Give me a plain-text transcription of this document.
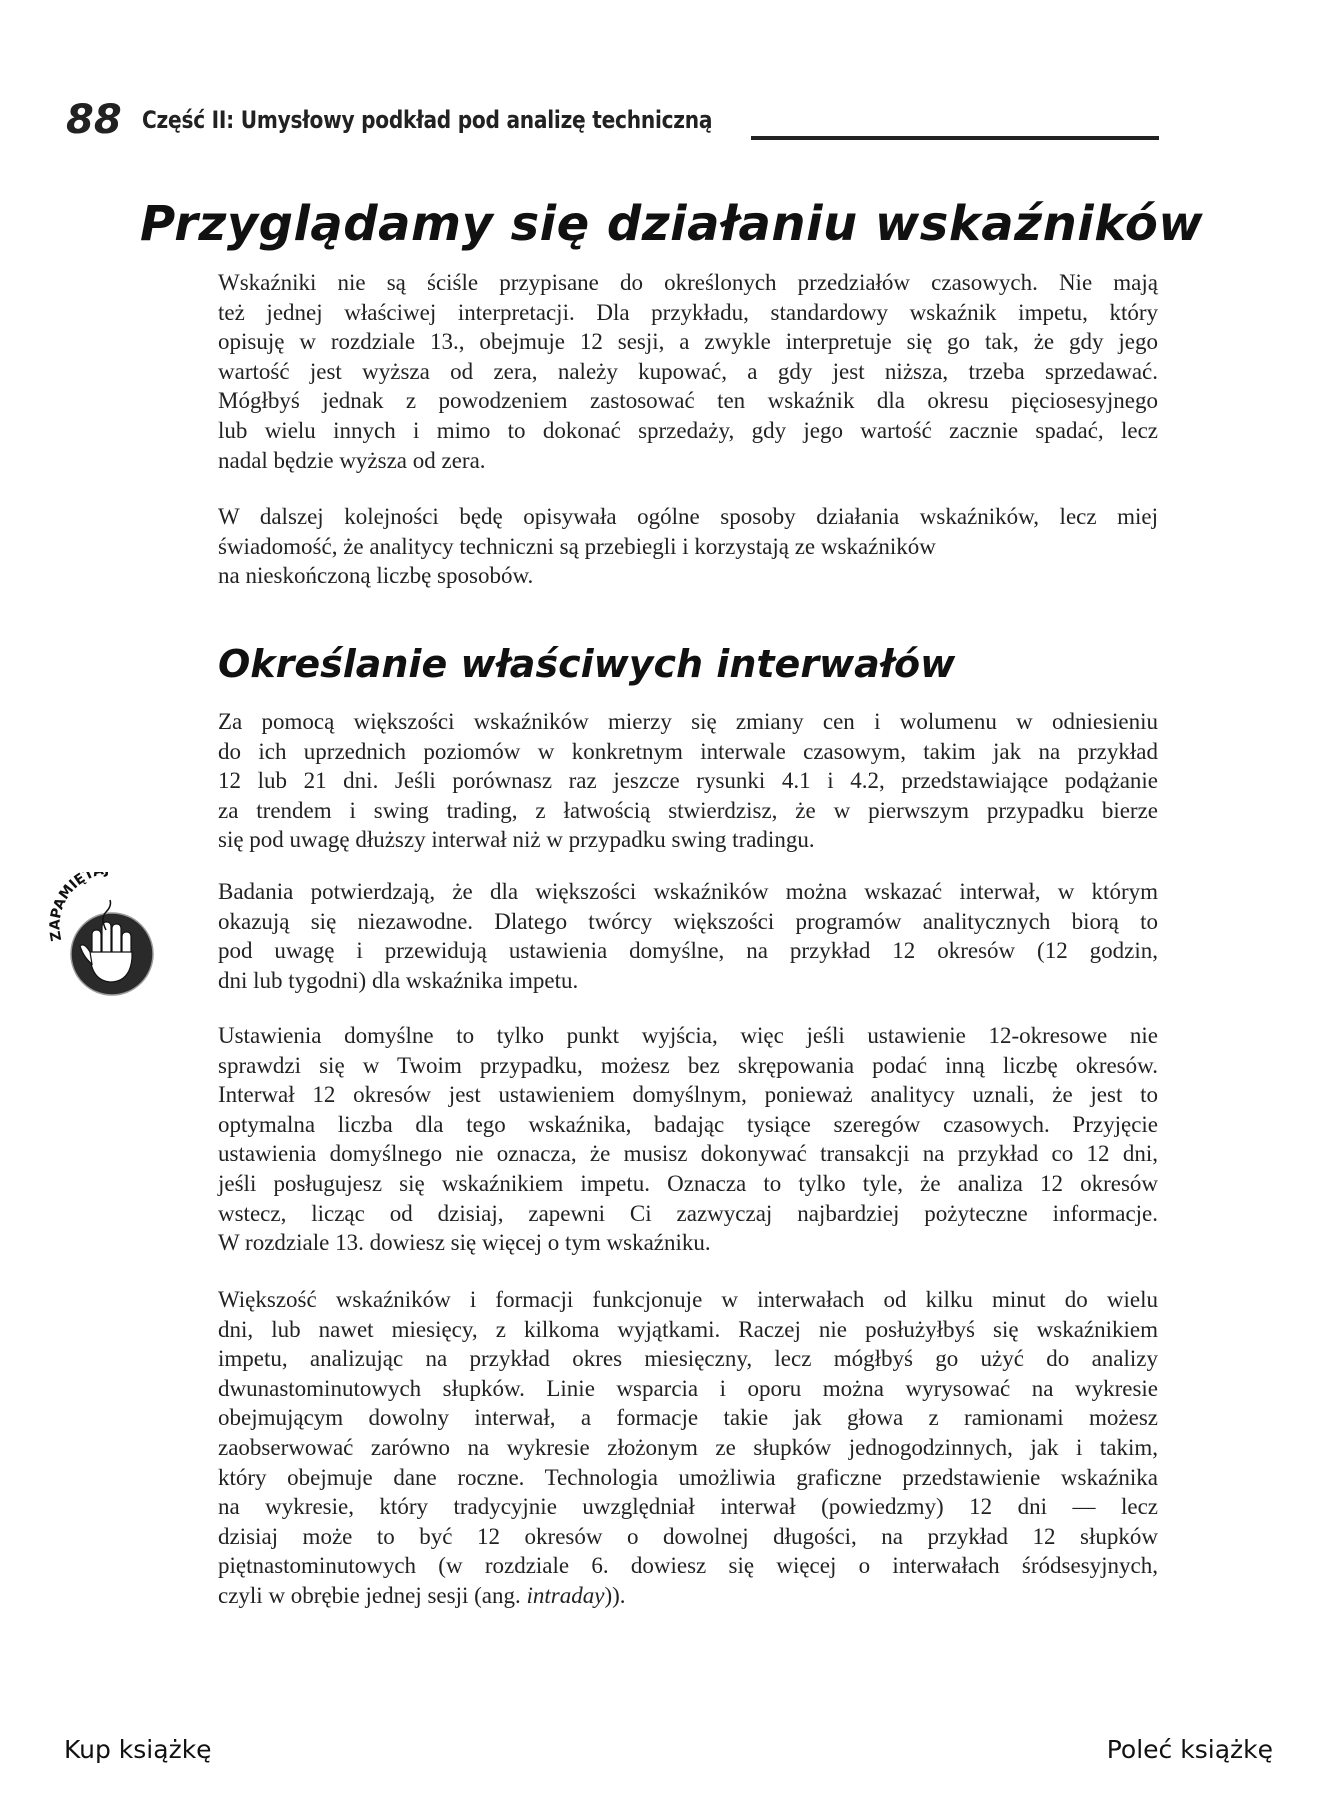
88 Część II: Umysłowy podkład pod analizę techniczną
Przyglądamy się działaniu wskaźników

Wskaźniki nie są ściśle przypisane do określonych przedziałów czasowych. Nie mają
też jednej właściwej interpretacji. Dla przykładu, standardowy wskaźnik impetu, który
opisuję w rozdziale 13., obejmuje 12 sesji, a zwykle interpretuje się go tak, że gdy jego
wartość jest wyższa od zera, należy kupować, a gdy jest niższa, trzeba sprzedawać.
Mógłbyś jednak z powodzeniem zastosować ten wskaźnik dla okresu pięciosesyjnego
lub wielu innych i mimo to dokonać sprzedaży, gdy jego wartość zacznie spadać, lecz
nadal będzie wyższa od zera.

W dalszej kolejności będę opisywała ogólne sposoby działania wskaźników, lecz miej
świadomość, że analitycy techniczni są przebiegli i korzystają ze wskaźników
na nieskończoną liczbę sposobów.

Określanie właściwych interwałów

Za pomocą większości wskaźników mierzy się zmiany cen i wolumenu w odniesieniu
do ich uprzednich poziomów w konkretnym interwale czasowym, takim jak na przykład
12 lub 21 dni. Jeśli porównasz raz jeszcze rysunki 4.1 i 4.2, przedstawiające podążanie
za trendem i swing trading, z łatwością stwierdzisz, że w pierwszym przypadku bierze
się pod uwagę dłuższy interwał niż w przypadku swing tradingu.

ZAPAMIĘT

Badania potwierdzają, że dla większości wskaźników można wskazać interwał, w którym
okazują się niezawodne. Dlatego twórcy większości programów analitycznych biorą to
pod uwagę i przewidują ustawienia domyślne, na przykład 12 okresów (12 godzin,
dni lub tygodni) dla wskaźnika impetu.

Ustawienia domyślne to tylko punkt wyjścia, więc jeśli ustawienie 12-okresowe nie
sprawdzi się w Twoim przypadku, możesz bez skrępowania podać inną liczbę okresów.
Interwał 12 okresów jest ustawieniem domyślnym, ponieważ analitycy uznali, że jest to
optymalna liczba dla tego wskaźnika, badając tysiące szeregów czasowych. Przyjęcie
ustawienia domyślnego nie oznacza, że musisz dokonywać transakcji na przykład co 12 dni,
jeśli posługujesz się wskaźnikiem impetu. Oznacza to tylko tyle, że analiza 12 okresów
wstecz, licząc od dzisiaj, zapewni Ci zazwyczaj najbardziej pożyteczne informacje.
W rozdziale 13. dowiesz się więcej o tym wskaźniku.

Większość wskaźników i formacji funkcjonuje w interwałach od kilku minut do wielu
dni, lub nawet miesięcy, z kilkoma wyjątkami. Raczej nie posłużyłbyś się wskaźnikiem
impetu, analizując na przykład okres miesięczny, lecz mógłbyś go użyć do analizy
dwunastominutowych słupków. Linie wsparcia i oporu można wyrysować na wykresie
obejmującym dowolny interwał, a formacje takie jak głowa z ramionami możesz
zaobserwować zarówno na wykresie złożonym ze słupków jednogodzinnych, jak i takim,
który obejmuje dane roczne. Technologia umożliwia graficzne przedstawienie wskaźnika
na wykresie, który tradycyjnie uwzględniał interwał (powiedzmy) 12 dni — lecz
dzisiaj może to być 12 okresów o dowolnej długości, na przykład 12 słupków
piętnastominutowych (w rozdziale 6. dowiesz się więcej o interwałach śródsesyjnych,
czyli w obrębie jednej sesji (ang. intraday)).

Kup książkę	Poleć książkę
